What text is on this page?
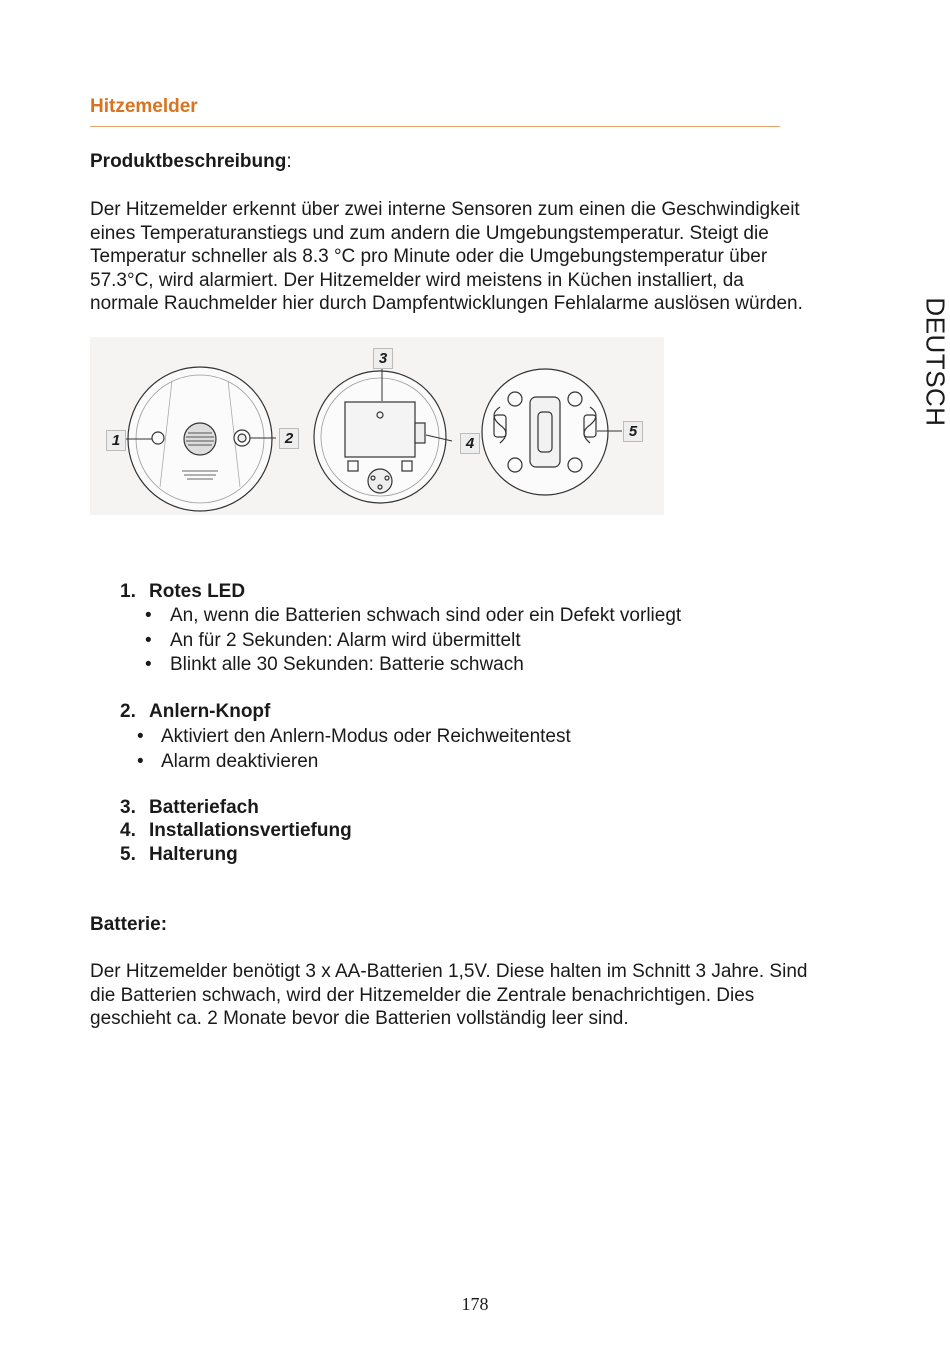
Hitzemelder
DEUTSCH
Produktbeschreibung:
Der Hitzemelder erkennt über zwei interne Sensoren zum einen die Geschwindigkeit
eines Temperaturanstiegs und zum andern die Umgebungstemperatur. Steigt die
Temperatur schneller als 8.3 °C pro Minute oder die Umgebungstemperatur über
57.3°C, wird alarmiert. Der Hitzemelder wird meistens in Küchen installiert, da
normale Rauchmelder hier durch Dampfentwicklungen Fehlalarme auslösen würden.
1	2
3
4
5
1. Rotes LED
• An, wenn die Batterien schwach sind oder ein Defekt vorliegt
• An für 2 Sekunden: Alarm wird übermittelt
• Blinkt alle 30 Sekunden: Batterie schwach
2. Anlern-Knopf
• Aktiviert den Anlern-Modus oder Reichweitentest
• Alarm deaktivieren
3. Batteriefach
4. Installationsvertiefung
5. Halterung
Batterie:
Der Hitzemelder benötigt 3 x AA-Batterien 1,5V. Diese halten im Schnitt 3 Jahre. Sind
die Batterien schwach, wird der Hitzemelder die Zentrale benachrichtigen. Dies
geschieht ca. 2 Monate bevor die Batterien vollständig leer sind.
178
